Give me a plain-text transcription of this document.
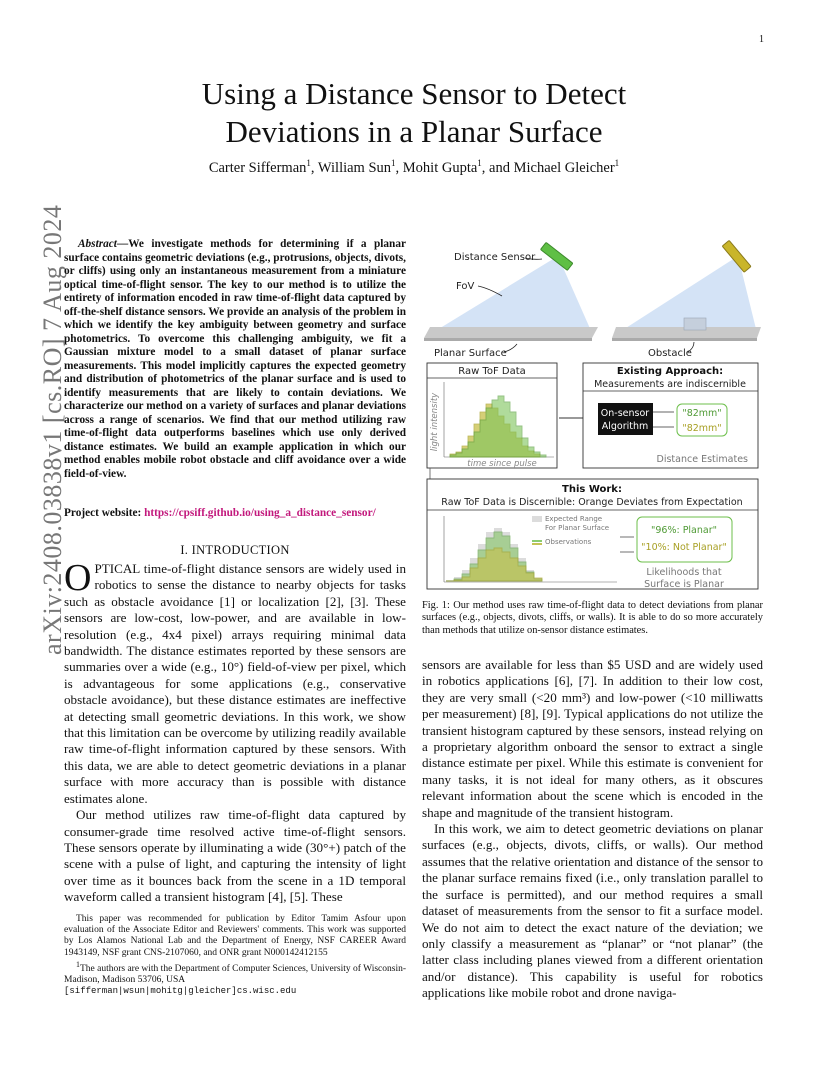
1
arXiv:2408.03838v1 [cs.RO] 7 Aug 2024
Using a Distance Sensor to Detect
Deviations in a Planar Surface
Carter Sifferman$^1$, William Sun$^1$, Mohit Gupta$^1$, and Michael Gleicher$^1$
Abstract—We investigate methods for determining if a planar surface contains geometric deviations (e.g., protrusions, objects, divots, or cliffs) using only an instantaneous measurement from a miniature optical time-of-flight sensor. The key to our method is to utilize the entirety of information encoded in raw time-of-flight data captured by off-the-shelf distance sensors. We provide an analysis of the problem in which we identify the key ambiguity between geometry and surface photometrics. To overcome this challenging ambiguity, we fit a Gaussian mixture model to a small dataset of planar surface measurements. This model implicitly captures the expected geometry and distribution of photometrics of the planar surface and is used to identify measurements that are likely to contain deviations. We characterize our method on a variety of surfaces and planar deviations across a range of scenarios. We find that our method utilizing raw time-of-flight data outperforms baselines which use only derived distance estimates. We build an example application in which our method enables mobile robot obstacle and cliff avoidance over a wide field-of-view.
Project website: https://cpsiff.github.io/using_a_distance_sensor/
I. INTRODUCTION
OPTICAL time-of-flight distance sensors are widely used in robotics to sense the distance to nearby objects for tasks such as obstacle avoidance [1] or localization [2], [3]. These sensors are low-cost, low-power, and are available in low-resolution (e.g., 4x4 pixel) arrays requiring minimal data bandwidth. The distance estimates reported by these sensors are summaries over a wide (e.g., 10°) field-of-view per pixel, which is advantageous for some applications (e.g., conservative obstacle avoidance), but these distance estimates are ineffective at detecting small geometric deviations. In this work, we show that this limitation can be overcome by utilizing readily available raw time-of-flight information captured by these sensors. With this data, we are able to detect geometric deviations in a planar surface with more accuracy than is possible with distance estimates alone.
Our method utilizes raw time-of-flight data captured by consumer-grade time resolved active time-of-flight sensors. These sensors operate by illuminating a wide (30°+) patch of the scene with a pulse of light, and capturing the intensity of light over time as it bounces back from the scene in a 1D temporal waveform called a transient histogram [4], [5]. These
This paper was recommended for publication by Editor Tamim Asfour upon evaluation of the Associate Editor and Reviewers' comments. This work was supported by Los Alamos National Lab and the Department of Energy, NSF CAREER Award 1943149, NSF grant CNS-2107060, and ONR grant N000142412155
$^1$The authors are with the Department of Computer Sciences, University of Wisconsin-Madison, Madison 53706, USA
[sifferman|wsun|mohitg|gleicher]cs.wisc.edu
Distance Sensor
FoV
Planar Surface	Obstacle
Raw ToF Data
light intensity
time since pulse
Existing Approach:
Measurements are indiscernible
On-sensor
Algorithm
"82mm"
"82mm"
Distance Estimates
This Work:
Raw ToF Data is Discernible: Orange Deviates from Expectation
Expected Range
For Planar Surface
Observations
"96%: Planar"
"10%: Not Planar"
Likelihoods that
Surface is Planar
Fig. 1: Our method uses raw time-of-flight data to detect deviations from planar surfaces (e.g., objects, divots, cliffs, or walls). It is able to do so more accurately than methods that utilize on-sensor distance estimates.
sensors are available for less than $5 USD and are widely used in robotics applications [6], [7]. In addition to their low cost, they are very small (<20 mm³) and low-power (<10 milliwatts per measurement) [8], [9]. Typical applications do not utilize the transient histogram captured by these sensors, instead relying on a proprietary algorithm onboard the sensor to extract a single distance estimate per pixel. While this estimate is convenient for many tasks, it is not ideal for many others, as it obscures relevant information about the scene which is encoded in the shape and magnitude of the transient histogram.
In this work, we aim to detect geometric deviations on planar surfaces (e.g., objects, divots, cliffs, or walls). Our method assumes that the relative orientation and distance of the sensor to the planar surface remains fixed (i.e., only translation parallel to the surface is permitted), and our method requires a small dataset of measurements from the sensor to fit a surface model. We do not aim to detect the exact nature of the deviation; we only classify a measurement as “planar” or “not planar” (the latter class including planes viewed from a different orientation and/or distance). This capability is useful for robotics applications like mobile robot and drone naviga-
